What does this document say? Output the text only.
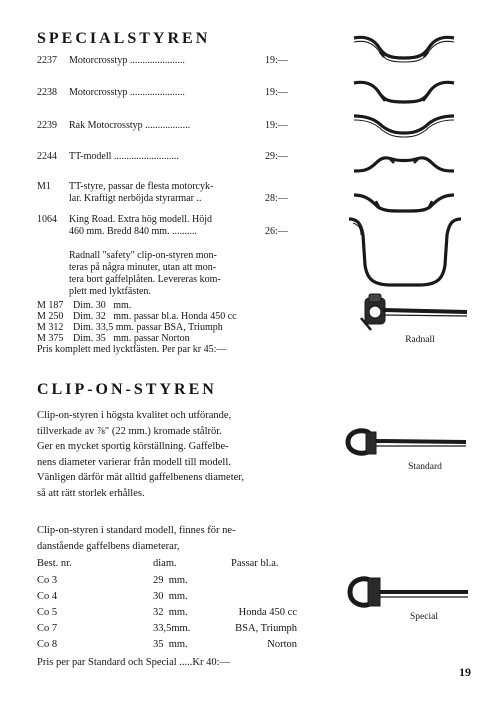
SPECIALSTYREN
2237 Motorcrosstyp ......................	19:—
2238 Motorcrosstyp ......................	19:—
2239 Rak Motocrosstyp ..................	19:—
2244 TT-modell ..........................	29:—
M1 TT-styre, passar de flesta motorcyk-
lar. Kraftigt nerböjda styrarmar ..	28:—
1064 King Road. Extra hög modell. Höjd
460 mm. Bredd 840 mm. ..........	26:—
Radnall "safety" clip-on-styren mon-
teras på några minuter, utan att mon-
tera bort gaffelplåten. Levereras kom-
plett med lyktfästen.
M 187 Dim. 30   mm.
M 250 Dim. 32   mm. passar bl.a. Honda 450 cc
M 312 Dim. 33,5 mm. passar BSA, Triumph
M 375 Dim. 35   mm. passar Norton
Pris komplett med lycktfästen. Per par kr 45:—
CLIP-ON-STYREN
Clip-on-styren i högsta kvalitet och utförande,
tillverkade av ⅞" (22 mm.) kromade stålrör.
Ger en mycket sportig körställning. Gaffelbe-
nens diameter varierar från modell till modell.
Vänligen därför mät alltid gaffelbenens diameter,
så att rätt storlek erhålles.
Clip-on-styren i standard modell, finnes för ne-
danstående gaffelbens diameterar,
Best. nr.	diam.	Passar bl.a.
Co 3	29  mm.
Co 4	30  mm.
Co 5	32  mm.	Honda 450 cc
Co 7	33,5mm.	BSA, Triumph
Co 8	35  mm.	Norton
Pris per par Standard och Special .....Kr 40:—
Radnall
Standard
Special
19
